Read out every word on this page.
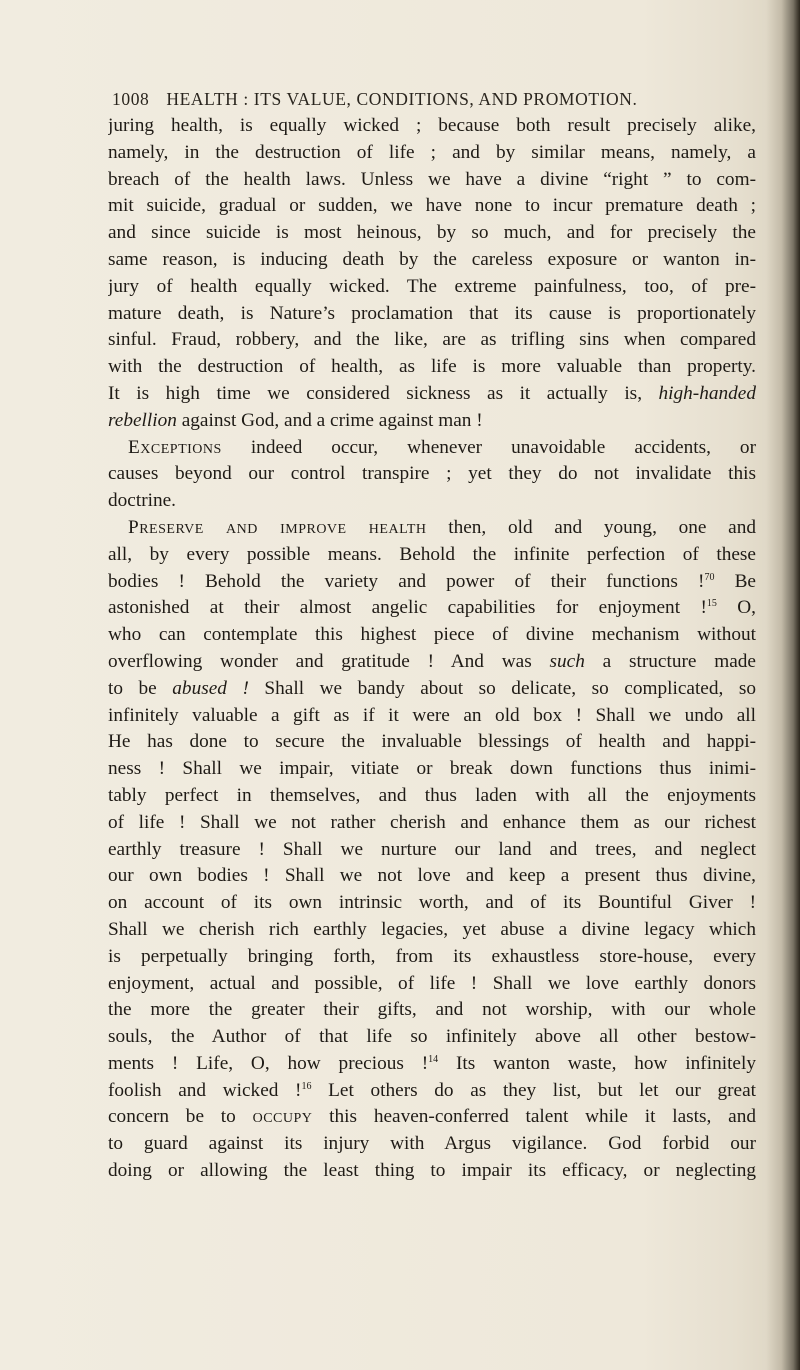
1008 HEALTH : ITS VALUE, CONDITIONS, AND PROMOTION.
juring health, is equally wicked ; because both result precisely alike,
namely, in the destruction of life ; and by similar means, namely, a
breach of the health laws. Unless we have a divine “right ” to com-
mit suicide, gradual or sudden, we have none to incur premature death ;
and since suicide is most heinous, by so much, and for precisely the
same reason, is inducing death by the careless exposure or wanton in-
jury of health equally wicked. The extreme painfulness, too, of pre-
mature death, is Nature’s proclamation that its cause is proportionately
sinful. Fraud, robbery, and the like, are as trifling sins when compared
with the destruction of health, as life is more valuable than property.
It is high time we considered sickness as it actually is, high-handed
rebellion against God, and a crime against man !
Exceptions indeed occur, whenever unavoidable accidents, or
causes beyond our control transpire ; yet they do not invalidate this
doctrine.
Preserve and improve health then, old and young, one and
all, by every possible means. Behold the infinite perfection of these
bodies ! Behold the variety and power of their functions !$^{70}$ Be
astonished at their almost angelic capabilities for enjoyment !$^{15}$ O,
who can contemplate this highest piece of divine mechanism without
overflowing wonder and gratitude ! And was such a structure made
to be abused ! Shall we bandy about so delicate, so complicated, so
infinitely valuable a gift as if it were an old box ! Shall we undo all
He has done to secure the invaluable blessings of health and happi-
ness ! Shall we impair, vitiate or break down functions thus inimi-
tably perfect in themselves, and thus laden with all the enjoyments
of life ! Shall we not rather cherish and enhance them as our richest
earthly treasure ! Shall we nurture our land and trees, and neglect
our own bodies ! Shall we not love and keep a present thus divine,
on account of its own intrinsic worth, and of its Bountiful Giver !
Shall we cherish rich earthly legacies, yet abuse a divine legacy which
is perpetually bringing forth, from its exhaustless store-house, every
enjoyment, actual and possible, of life ! Shall we love earthly donors
the more the greater their gifts, and not worship, with our whole
souls, the Author of that life so infinitely above all other bestow-
ments ! Life, O, how precious !$^{14}$ Its wanton waste, how infinitely
foolish and wicked !$^{16}$ Let others do as they list, but let our great
concern be to occupy this heaven-conferred talent while it lasts, and
to guard against its injury with Argus vigilance. God forbid our
doing or allowing the least thing to impair its efficacy, or neglecting
